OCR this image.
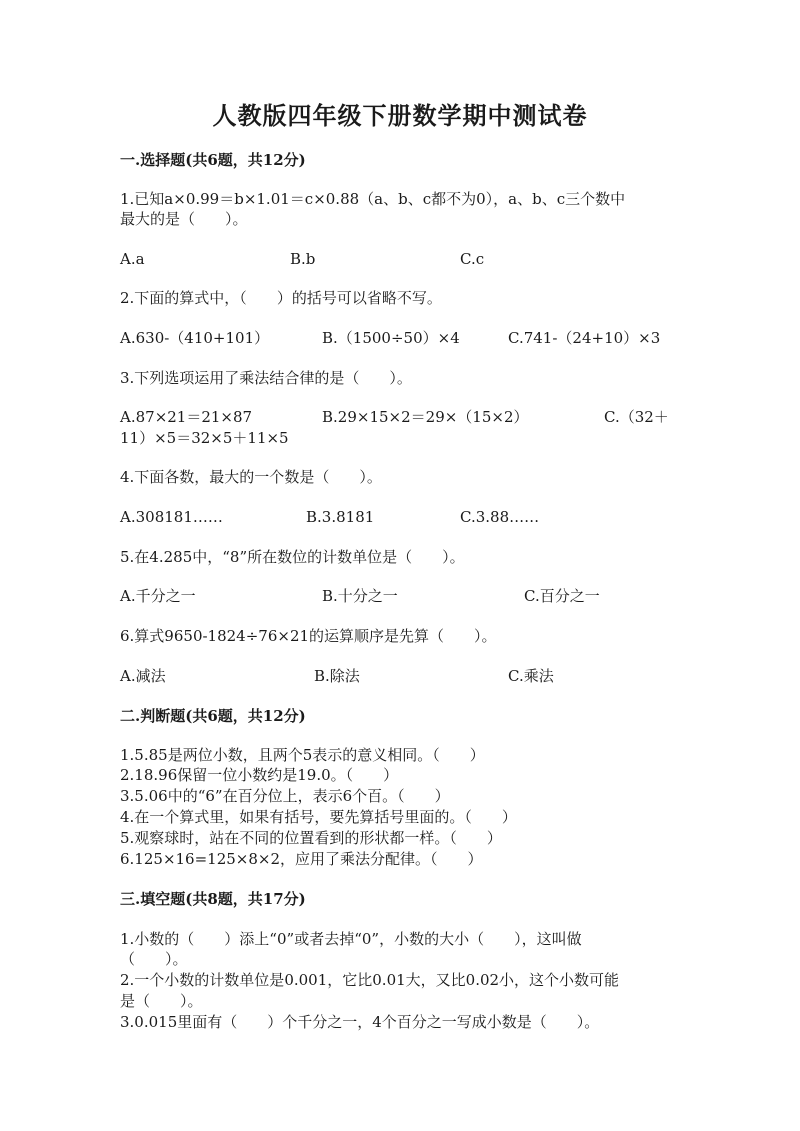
人教版四年级下册数学期中测试卷
一.选择题(共6题，共12分)
1.已知a×0.99＝b×1.01＝c×0.88（a、b、c都不为0），a、b、c三个数中
最大的是（　　）。
A.a	B.b	C.c
2.下面的算式中，（　　）的括号可以省略不写。
A.630-（410+101）	B.（1500÷50）×4	C.741-（24+10）×3
3.下列选项运用了乘法结合律的是（　　）。
A.87×21＝21×87	B.29×15×2＝29×（15×2）	C.（32＋
11）×5＝32×5＋11×5
4.下面各数，最大的一个数是（　　）。
A.308181……	B.3.8181	C.3.88……
5.在4.285中，“8”所在数位的计数单位是（　　）。
A.千分之一	B.十分之一	C.百分之一
6.算式9650-1824÷76×21的运算顺序是先算（　　）。
A.减法	B.除法	C.乘法
二.判断题(共6题，共12分)
1.5.85是两位小数，且两个5表示的意义相同。（　　）
2.18.96保留一位小数约是19.0。（　　）
3.5.06中的“6”在百分位上，表示6个百。（　　）
4.在一个算式里，如果有括号，要先算括号里面的。（　　）
5.观察球时，站在不同的位置看到的形状都一样。（　　）
6.125×16=125×8×2，应用了乘法分配律。（　　）
三.填空题(共8题，共17分)
1.小数的（　　）添上“0”或者去掉“0”，小数的大小（　　），这叫做
（　　）。
2.一个小数的计数单位是0.001，它比0.01大，又比0.02小，这个小数可能
是（　　）。
3.0.015里面有（　　）个千分之一，4个百分之一写成小数是（　　）。
